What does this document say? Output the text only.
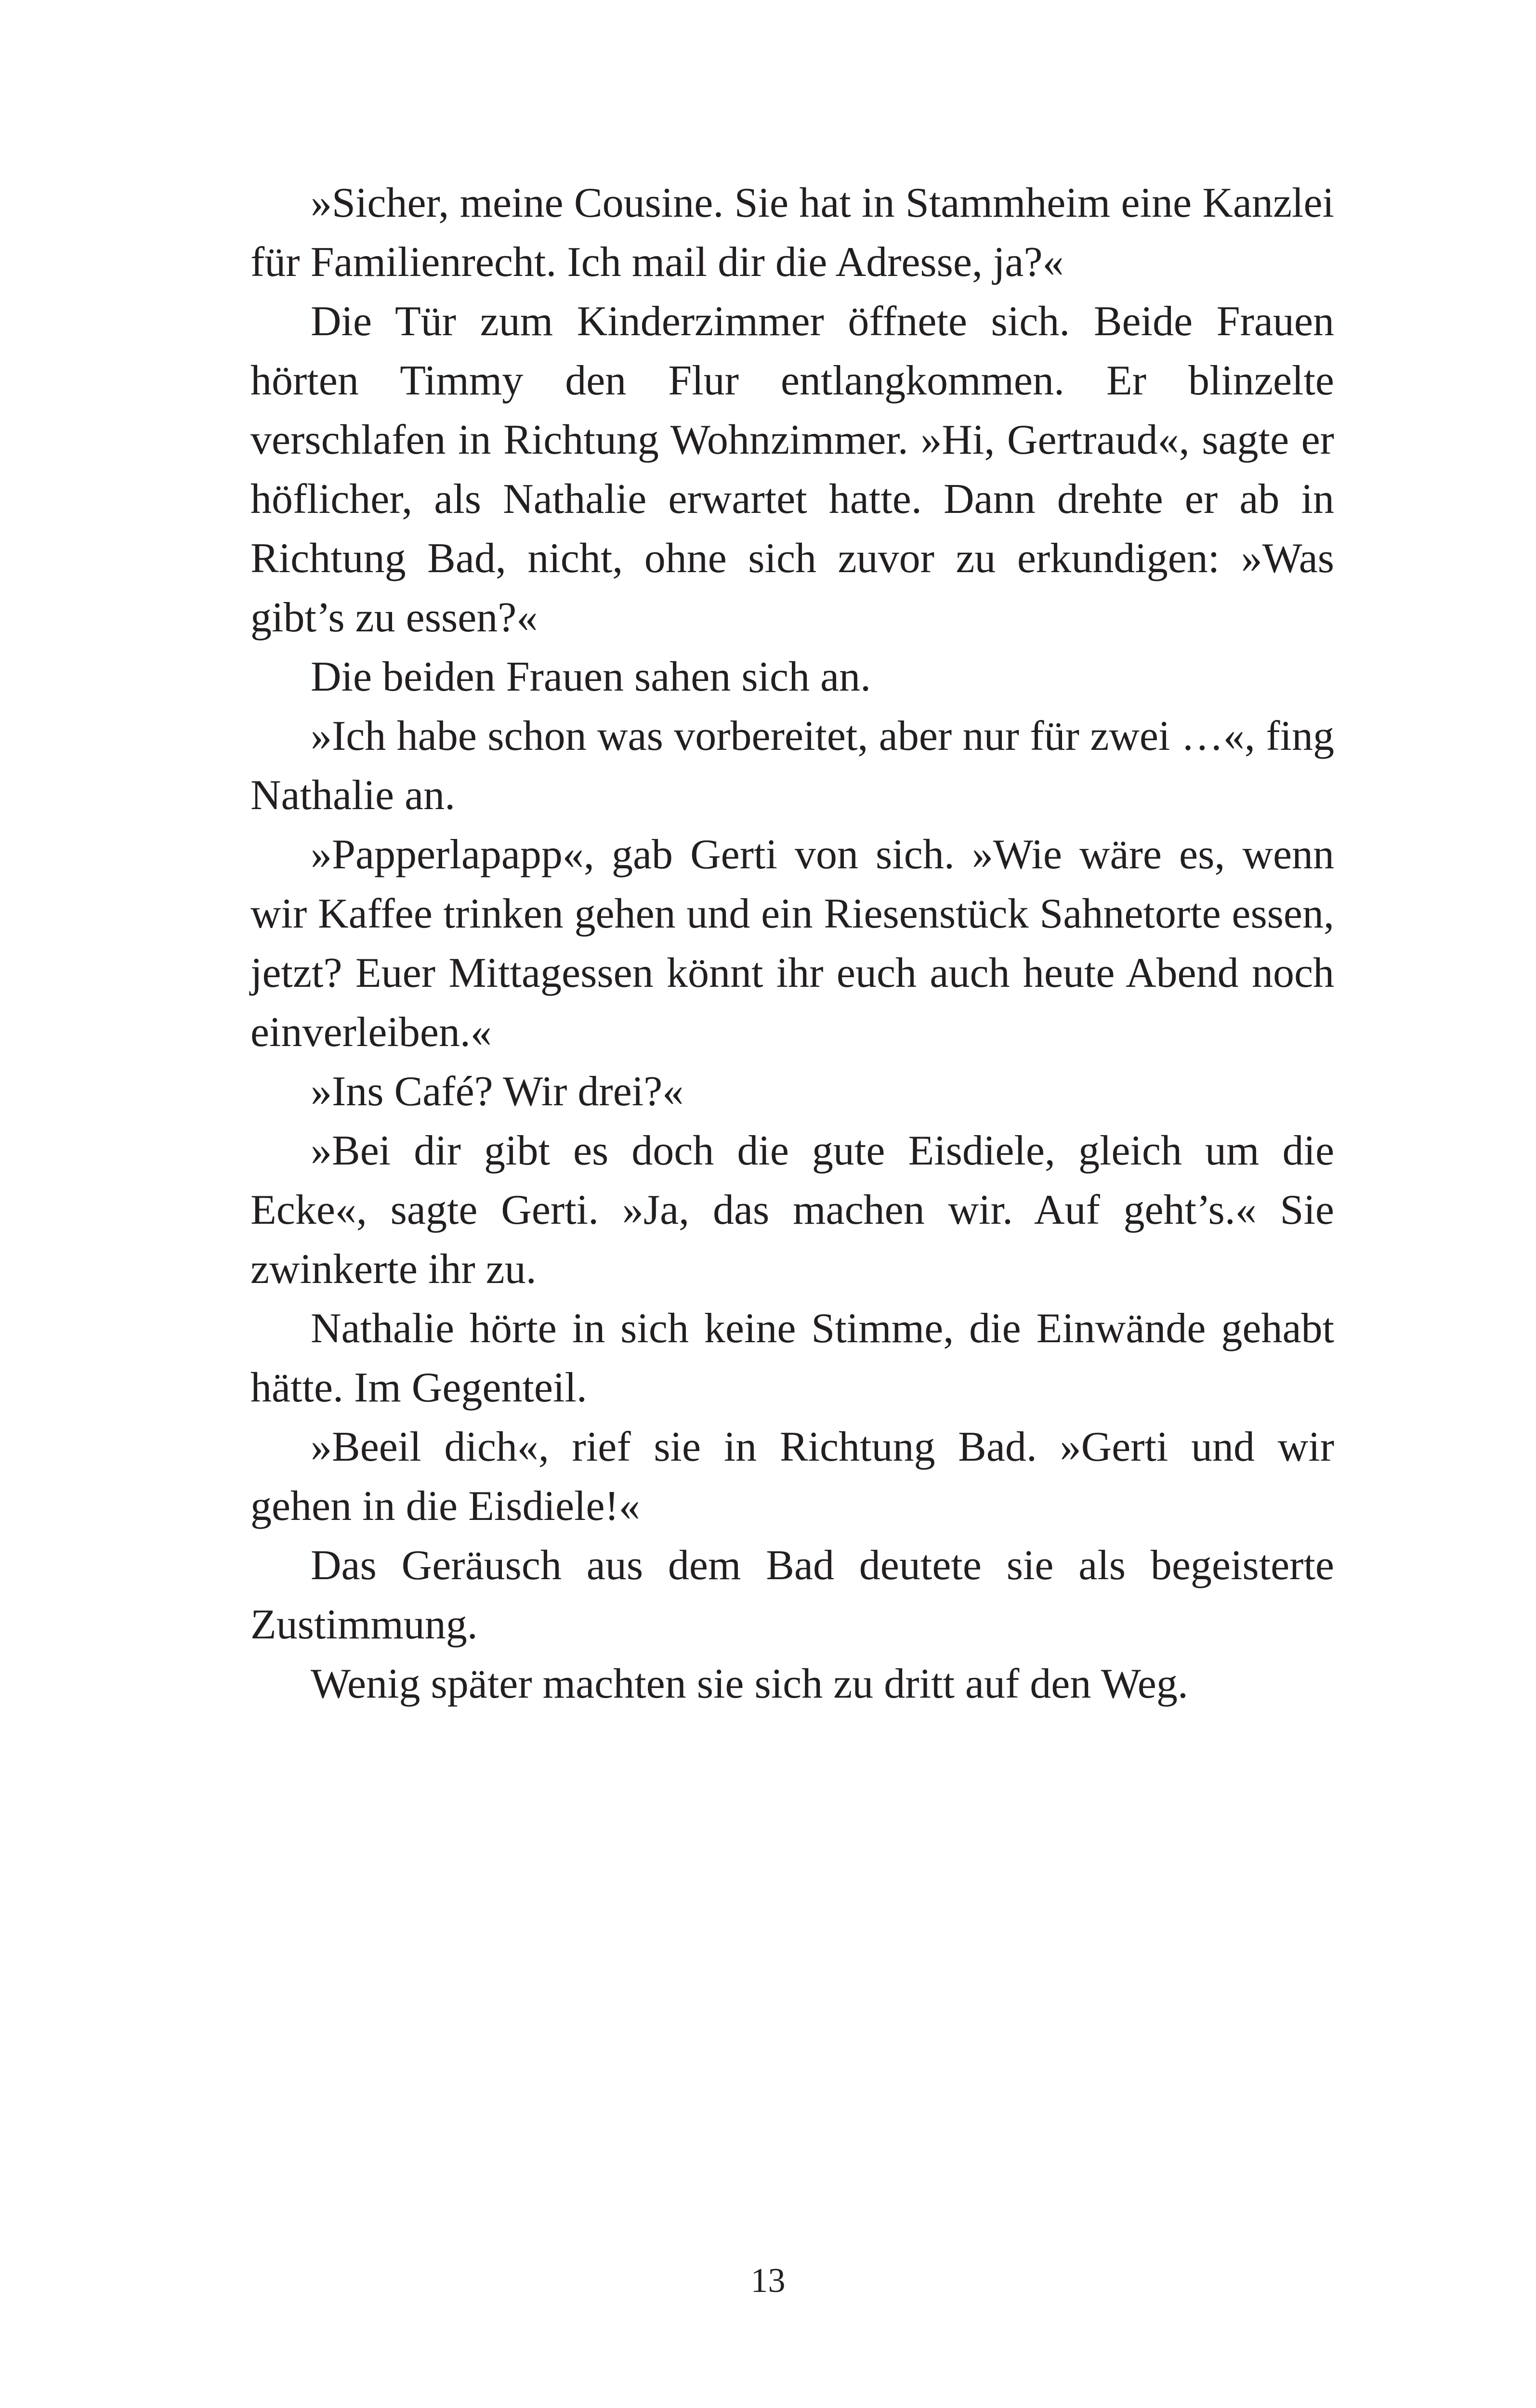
»Sicher, meine Cousine. Sie hat in Stammheim eine Kanzlei für Familienrecht. Ich mail dir die Adresse, ja?«

Die Tür zum Kinderzimmer öffnete sich. Beide Frauen hörten Timmy den Flur entlangkommen. Er blinzelte verschlafen in Richtung Wohnzimmer. »Hi, Gertraud«, sagte er höflicher, als Nathalie erwartet hatte. Dann drehte er ab in Richtung Bad, nicht, ohne sich zuvor zu erkundigen: »Was gibt’s zu essen?«

Die beiden Frauen sahen sich an.

»Ich habe schon was vorbereitet, aber nur für zwei …«, fing Nathalie an.

»Papperlapapp«, gab Gerti von sich. »Wie wäre es, wenn wir Kaffee trinken gehen und ein Riesenstück Sahnetorte essen, jetzt? Euer Mittagessen könnt ihr euch auch heute Abend noch einverleiben.«

»Ins Café? Wir drei?«

»Bei dir gibt es doch die gute Eisdiele, gleich um die Ecke«, sagte Gerti. »Ja, das machen wir. Auf geht’s.« Sie zwinkerte ihr zu.

Nathalie hörte in sich keine Stimme, die Einwände gehabt hätte. Im Gegenteil.

»Beeil dich«, rief sie in Richtung Bad. »Gerti und wir gehen in die Eisdiele!«

Das Geräusch aus dem Bad deutete sie als begeisterte Zustimmung.

Wenig später machten sie sich zu dritt auf den Weg.

13
